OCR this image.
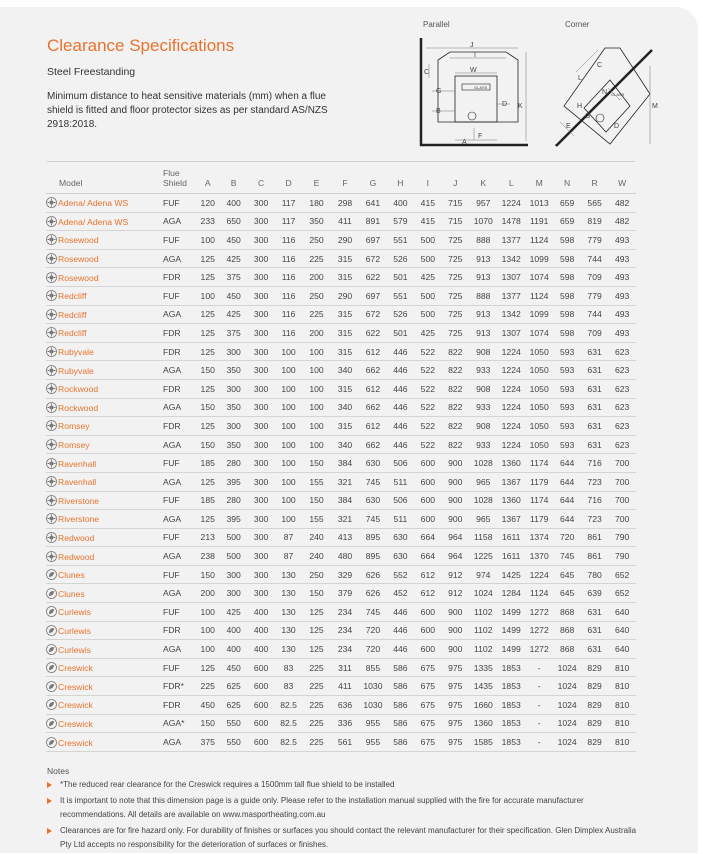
Clearance Specifications

Steel Freestanding

Minimum distance to heat sensitive materials (mm) when a flue shield is fitted and floor protector sizes as per standard AS/NZS 2918:2018.

Parallel	Corner
J
I
W
C
G
B
D K
F
A
GLASS
L
C
N
H
G
E	D
M
GLASS
Model	Flue
Shield	A	B	C	D	E	F	G	H	I	J	K	L	M	N	R	W
Adena/ Adena WS	FUF	120	400	300	117	180	298	641	400	415	715	957	1224	1013	659	565	482
Adena/ Adena WS	AGA	233	650	300	117	350	411	891	579	415	715	1070	1478	1191	659	819	482
Rosewood	FUF	100	450	300	116	250	290	697	551	500	725	888	1377	1124	598	779	493
Rosewood	AGA	125	425	300	116	225	315	672	526	500	725	913	1342	1099	598	744	493
Rosewood	FDR	125	375	300	116	200	315	622	501	425	725	913	1307	1074	598	709	493
Redcliff	FUF	100	450	300	116	250	290	697	551	500	725	888	1377	1124	598	779	493
Redcliff	AGA	125	425	300	116	225	315	672	526	500	725	913	1342	1099	598	744	493
Redcliff	FDR	125	375	300	116	200	315	622	501	425	725	913	1307	1074	598	709	493
Rubyvale	FDR	125	300	300	100	100	315	612	446	522	822	908	1224	1050	593	631	623
Rubyvale	AGA	150	350	300	100	100	340	662	446	522	822	933	1224	1050	593	631	623
Rockwood	FDR	125	300	300	100	100	315	612	446	522	822	908	1224	1050	593	631	623
Rockwood	AGA	150	350	300	100	100	340	662	446	522	822	933	1224	1050	593	631	623
Romsey	FDR	125	300	300	100	100	315	612	446	522	822	908	1224	1050	593	631	623
Romsey	AGA	150	350	300	100	100	340	662	446	522	822	933	1224	1050	593	631	623
Ravenhall	FUF	185	280	300	100	150	384	630	506	600	900	1028	1360	1174	644	716	700
Ravenhall	AGA	125	395	300	100	155	321	745	511	600	900	965	1367	1179	644	723	700
Riverstone	FUF	185	280	300	100	150	384	630	506	600	900	1028	1360	1174	644	716	700
Riverstone	AGA	125	395	300	100	155	321	745	511	600	900	965	1367	1179	644	723	700
Redwood	FUF	213	500	300	87	240	413	895	630	664	964	1158	1611	1374	720	861	790
Redwood	AGA	238	500	300	87	240	480	895	630	664	964	1225	1611	1370	745	861	790
Clunes	FUF	150	300	300	130	250	329	626	552	612	912	974	1425	1224	645	780	652
Clunes	AGA	200	300	300	130	150	379	626	452	612	912	1024	1284	1124	645	639	652
Curlewis	FUF	100	425	400	130	125	234	745	446	600	900	1102	1499	1272	868	631	640
Curlewis	FDR	100	400	400	130	125	234	720	446	600	900	1102	1499	1272	868	631	640
Curlewis	AGA	100	400	400	130	125	234	720	446	600	900	1102	1499	1272	868	631	640
Creswick	FUF	125	450	600	83	225	311	855	586	675	975	1335	1853	-	1024	829	810
Creswick	FDR*	225	625	600	83	225	411	1030	586	675	975	1435	1853	-	1024	829	810
Creswick	FDR	450	625	600	82.5	225	636	1030	586	675	975	1660	1853	-	1024	829	810
Creswick	AGA*	150	550	600	82.5	225	336	955	586	675	975	1360	1853	-	1024	829	810
Creswick	AGA	375	550	600	82.5	225	561	955	586	675	975	1585	1853	-	1024	829	810

Notes

*The reduced rear clearance for the Creswick requires a 1500mm tall flue shield to be installed
It is important to note that this dimension page is a guide only. Please refer to the installation manual supplied with the fire for accurate manufacturer recommendations. All details are available on www.masportheating.com.au
Clearances are for fire hazard only. For durability of finishes or surfaces you should contact the relevant manufacturer for their specification. Glen Dimplex Australia Pty Ltd accepts no responsibility for the deterioration of surfaces or finishes.
